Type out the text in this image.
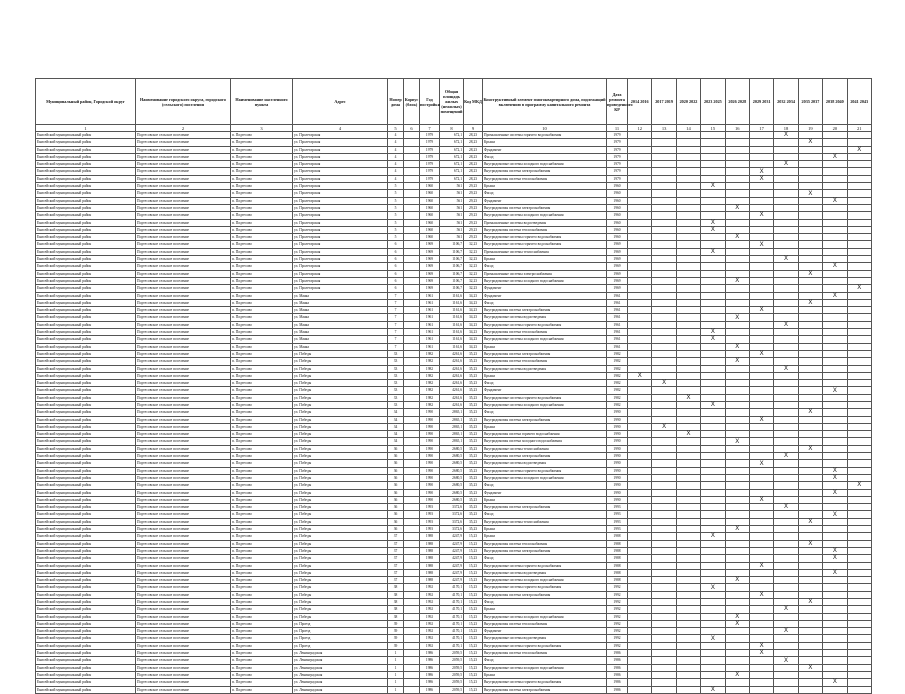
Муниципальный район, Городской округ	Наименование городского округа, городского (сельского) поселения	Наименование населенного пункта	Адрес	Номер дома	Корпус (блок)	Год постройки	Общая площадь жилых (нежилых) помещений	Код МКД	Конструктивный элемент многоквартирного дома, подлежащий включению в программу капитального ремонта	Дата ремонта проведенного КР	2014 2016	2017 2019	2020 2022	2023 2025	2026 2028	2029 2031	2032 2034	2035 2037	2038 2040	2041 2043
1	2	3	4	5	6	7	8	9	10	11	12	13	14	15	16	17	18	19	20	21
Енисейский муниципальный район	Подтесовское сельское поселение	п. Подтесово	ул. Пролетарская	4		1979	672,1	28,23	Промышленные системы горячего водоснабжения	1979							X			
Енисейский муниципальный район	Подтесовское сельское поселение	п. Подтесово	ул. Пролетарская	4		1979	672,1	28,23	Крыша	1979								X		
Енисейский муниципальный район	Подтесовское сельское поселение	п. Подтесово	ул. Пролетарская	4		1979	672,1	28,23	Фундамент	1979										X
Енисейский муниципальный район	Подтесовское сельское поселение	п. Подтесово	ул. Пролетарская	4		1979	672,1	28,23	Фасад	1979									X	
Енисейский муниципальный район	Подтесовское сельское поселение	п. Подтесово	ул. Пролетарская	4		1979	672,1	28,23	Внутридомовые системы холодного водоснабжения	1979							X			
Енисейский муниципальный район	Подтесовское сельское поселение	п. Подтесово	ул. Пролетарская	4		1979	672,1	28,23	Внутридомовая система электроснабжения	1979						X				
Енисейский муниципальный район	Подтесовское сельское поселение	п. Подтесово	ул. Пролетарская	4		1979	672,1	28,23	Внутридомовая система теплоснабжения	1979						X				
Енисейский муниципальный район	Подтесовское сельское поселение	п. Подтесово	ул. Пролетарская	5		1960	561	29,23	Крыша	1960				X						
Енисейский муниципальный район	Подтесовское сельское поселение	п. Подтесово	ул. Пролетарская	5		1960	561	29,23	Фасад	1960								X		
Енисейский муниципальный район	Подтесовское сельское поселение	п. Подтесово	ул. Пролетарская	5		1960	561	29,23	Фундамент	1960									X	
Енисейский муниципальный район	Подтесовское сельское поселение	п. Подтесово	ул. Пролетарская	5		1960	561	29,23	Внутридомовая система электроснабжения	1960					X					
Енисейский муниципальный район	Подтесовское сельское поселение	п. Подтесово	ул. Пролетарская	5		1960	561	29,23	Внутридомовые системы холодного водоснабжения	1960						X				
Енисейский муниципальный район	Подтесовское сельское поселение	п. Подтесово	ул. Пролетарская	5		1960	561	29,23	Промышленные системы водоотведения	1960				X						
Енисейский муниципальный район	Подтесовское сельское поселение	п. Подтесово	ул. Пролетарская	5		1960	561	29,23	Внутридомовая система теплоснабжения	1960				X						
Енисейский муниципальный район	Подтесовское сельское поселение	п. Подтесово	ул. Пролетарская	5		1960	561	29,23	Внутридомовые системы горячего водоснабжения	1960					X					
Енисейский муниципальный район	Подтесовское сельское поселение	п. Подтесово	ул. Пролетарская	6		1969	1106,7	32,23	Внутридомовые системы горячего водоснабжения	1969						X				
Енисейский муниципальный район	Подтесовское сельское поселение	п. Подтесово	ул. Пролетарская	6		1969	1106,7	32,23	Промышленные системы теплоснабжения	1969				X						
Енисейский муниципальный район	Подтесовское сельское поселение	п. Подтесово	ул. Пролетарская	6		1969	1106,7	32,23	Крыша	1969							X			
Енисейский муниципальный район	Подтесовское сельское поселение	п. Подтесово	ул. Пролетарская	6		1969	1106,7	32,23	Фасад	1969									X	
Енисейский муниципальный район	Подтесовское сельское поселение	п. Подтесово	ул. Пролетарская	6		1969	1106,7	32,23	Промышленные системы электроснабжения	1969								X		
Енисейский муниципальный район	Подтесовское сельское поселение	п. Подтесово	ул. Пролетарская	6		1969	1106,7	32,23	Внутридомовые системы холодного водоснабжения	1969					X					
Енисейский муниципальный район	Подтесовское сельское поселение	п. Подтесово	ул. Пролетарская	6		1969	1106,7	32,23	Фундамент	1969										X
Енисейский муниципальный район	Подтесовское сельское поселение	п. Подтесово	ул. Маяка	7		1961	1161,6	34,23	Фундамент	1961									X	
Енисейский муниципальный район	Подтесовское сельское поселение	п. Подтесово	ул. Маяка	7		1961	1161,6	34,23	Фасад	1961								X		
Енисейский муниципальный район	Подтесовское сельское поселение	п. Подтесово	ул. Маяка	7		1961	1161,6	34,23	Внутридомовая система электроснабжения	1961						X				
Енисейский муниципальный район	Подтесовское сельское поселение	п. Подтесово	ул. Маяка	7		1961	1161,6	34,23	Внутридомовые системы водоотведения	1961					X					
Енисейский муниципальный район	Подтесовское сельское поселение	п. Подтесово	ул. Маяка	7		1961	1161,6	34,23	Внутридомовые системы горячего водоснабжения	1961							X			
Енисейский муниципальный район	Подтесовское сельское поселение	п. Подтесово	ул. Маяка	7		1961	1161,6	34,23	Внутридомовая система теплоснабжения	1961				X						
Енисейский муниципальный район	Подтесовское сельское поселение	п. Подтесово	ул. Маяка	7		1961	1161,6	34,23	Внутридомовые системы холодного водоснабжения	1961				X						
Енисейский муниципальный район	Подтесовское сельское поселение	п. Подтесово	ул. Маяка	7		1961	1161,6	34,23	Крыша	1961					X					
Енисейский муниципальный район	Подтесовское сельское поселение	п. Подтесово	ул. Победы	33		1982	4261,6	35,23	Внутридомовая система электроснабжения	1982						X				
Енисейский муниципальный район	Подтесовское сельское поселение	п. Подтесово	ул. Победы	33		1982	4261,6	35,23	Внутридомовая система теплоснабжения	1982					X					
Енисейский муниципальный район	Подтесовское сельское поселение	п. Подтесово	ул. Победы	33		1982	4261,6	35,23	Внутридомовые системы водоотведения	1982							X			
Енисейский муниципальный район	Подтесовское сельское поселение	п. Подтесово	ул. Победы	33		1982	4261,6	35,23	Крыша	1982	X									
Енисейский муниципальный район	Подтесовское сельское поселение	п. Подтесово	ул. Победы	33		1982	4261,6	35,23	Фасад	1982		X								
Енисейский муниципальный район	Подтесовское сельское поселение	п. Подтесово	ул. Победы	33		1982	4261,6	35,23	Фундамент	1982									X	
Енисейский муниципальный район	Подтесовское сельское поселение	п. Подтесово	ул. Победы	33		1982	4261,6	35,23	Внутридомовые системы горячего водоснабжения	1982			X							
Енисейский муниципальный район	Подтесовское сельское поселение	п. Подтесово	ул. Победы	33		1982	4261,6	35,23	Внутридомовые системы холодного водоснабжения	1982				X						
Енисейский муниципальный район	Подтесовское сельское поселение	п. Подтесово	ул. Победы	34		1990	2865,1	35,23	Фасад	1990								X		
Енисейский муниципальный район	Подтесовское сельское поселение	п. Подтесово	ул. Победы	34		1990	2865,1	35,23	Внутридомовая система электроснабжения	1990						X				
Енисейский муниципальный район	Подтесовское сельское поселение	п. Подтесово	ул. Победы	34		1990	2865,1	35,23	Крыша	1990		X								
Енисейский муниципальный район	Подтесовское сельское поселение	п. Подтесово	ул. Победы	34		1990	2865,1	35,23	Внутридомовая система горячего водоснабжения	1990			X							
Енисейский муниципальный район	Подтесовское сельское поселение	п. Подтесово	ул. Победы	34		1990	2865,1	35,23	Внутридомовая система холодного водоснабжения	1990					X					
Енисейский муниципальный район	Подтесовское сельское поселение	п. Подтесово	ул. Победы	36		1990	2680,5	35,23	Внутридомовые системы теплоснабжения	1990								X		
Енисейский муниципальный район	Подтесовское сельское поселение	п. Подтесово	ул. Победы	36		1990	2680,5	35,23	Внутридомовая система электроснабжения	1990							X			
Енисейский муниципальный район	Подтесовское сельское поселение	п. Подтесово	ул. Победы	36		1990	2680,5	35,23	Внутридомовые системы водоотведения	1990						X				
Енисейский муниципальный район	Подтесовское сельское поселение	п. Подтесово	ул. Победы	36		1990	2680,5	35,23	Внутридомовые системы горячего водоснабжения	1990									X	
Енисейский муниципальный район	Подтесовское сельское поселение	п. Подтесово	ул. Победы	36		1990	2680,5	35,23	Внутридомовые системы холодного водоснабжения	1990									X	
Енисейский муниципальный район	Подтесовское сельское поселение	п. Подтесово	ул. Победы	36		1990	2680,5	35,23	Фасад	1990										X
Енисейский муниципальный район	Подтесовское сельское поселение	п. Подтесово	ул. Победы	36		1990	2680,5	35,23	Фундамент	1990									X	
Енисейский муниципальный район	Подтесовское сельское поселение	п. Подтесово	ул. Победы	36		1990	2680,5	35,23	Крыша	1990						X				
Енисейский муниципальный район	Подтесовское сельское поселение	п. Подтесово	ул. Победы	36		1993	3372,6	35,23	Внутридомовая система электроснабжения	1993							X			
Енисейский муниципальный район	Подтесовское сельское поселение	п. Подтесово	ул. Победы	36		1993	3372,6	35,23	Фасад	1993									X	
Енисейский муниципальный район	Подтесовское сельское поселение	п. Подтесово	ул. Победы	36		1993	3372,6	35,23	Внутридомовые системы теплоснабжения	1993								X		
Енисейский муниципальный район	Подтесовское сельское поселение	п. Подтесово	ул. Победы	36		1993	3372,6	35,23	Крыша	1993					X					
Енисейский муниципальный район	Подтесовское сельское поселение	п. Подтесово	ул. Победы	37		1988	4247,9	15,23	Крыша	1988				X						
Енисейский муниципальный район	Подтесовское сельское поселение	п. Подтесово	ул. Победы	37		1988	4247,9	15,23	Внутридомовая система теплоснабжения	1988								X		
Енисейский муниципальный район	Подтесовское сельское поселение	п. Подтесово	ул. Победы	37		1988	4247,9	15,23	Внутридомовая система электроснабжения	1988									X	
Енисейский муниципальный район	Подтесовское сельское поселение	п. Подтесово	ул. Победы	37		1988	4247,9	15,23	Фасад	1988									X	
Енисейский муниципальный район	Подтесовское сельское поселение	п. Подтесово	ул. Победы	37		1988	4247,9	15,23	Внутридомовые системы горячего водоснабжения	1988						X				
Енисейский муниципальный район	Подтесовское сельское поселение	п. Подтесово	ул. Победы	37		1988	4247,9	15,23	Внутридомовые системы водоотведения	1988									X	
Енисейский муниципальный район	Подтесовское сельское поселение	п. Подтесово	ул. Победы	37		1988	4247,9	15,23	Внутридомовые системы холодного водоснабжения	1988					X					
Енисейский муниципальный район	Подтесовское сельское поселение	п. Подтесово	ул. Победы	38		1992	4170,1	15,23	Внутридомовые системы горячего водоснабжения	1992				X						
Енисейский муниципальный район	Подтесовское сельское поселение	п. Подтесово	ул. Победы	38		1992	4170,1	15,23	Внутридомовая система электроснабжения	1992						X				
Енисейский муниципальный район	Подтесовское сельское поселение	п. Подтесово	ул. Победы	38		1992	4170,1	15,23	Фасад	1992								X		
Енисейский муниципальный район	Подтесовское сельское поселение	п. Подтесово	ул. Победы	38		1992	4170,1	15,23	Крыша	1992							X			
Енисейский муниципальный район	Подтесовское сельское поселение	п. Подтесово	ул. Победы	38		1992	4170,1	15,23	Внутридомовые системы холодного водоснабжения	1992					X					
Енисейский муниципальный район	Подтесовское сельское поселение	п. Подтесово	ул. Проезд	39		1992	4170,1	15,23	Внутридомовая система теплоснабжения	1992					X					
Енисейский муниципальный район	Подтесовское сельское поселение	п. Подтесово	ул. Проезд	39		1992	4170,1	15,23	Фундамент	1992							X			
Енисейский муниципальный район	Подтесовское сельское поселение	п. Подтесово	ул. Проезд	39		1992	4170,1	15,23	Внутридомовые системы водоотведения	1992				X						
Енисейский муниципальный район	Подтесовское сельское поселение	п. Подтесово	ул. Проезд	39		1992	4170,1	15,23	Внутридомовые системы горячего водоснабжения	1992						X				
Енисейский муниципальный район	Подтесовское сельское поселение	п. Подтесово	ул. Ленинградская	1		1986	2059,5	15,23	Внутридомовая система теплоснабжения	1986						X				
Енисейский муниципальный район	Подтесовское сельское поселение	п. Подтесово	ул. Ленинградская	1		1986	2059,5	15,23	Фасад	1986							X			
Енисейский муниципальный район	Подтесовское сельское поселение	п. Подтесово	ул. Ленинградская	1		1986	2059,5	15,23	Внутридомовые системы холодного водоснабжения	1986								X		
Енисейский муниципальный район	Подтесовское сельское поселение	п. Подтесово	ул. Ленинградская	1		1986	2059,5	15,23	Крыша	1986					X					
Енисейский муниципальный район	Подтесовское сельское поселение	п. Подтесово	ул. Ленинградская	1		1986	2059,5	15,23	Внутридомовые системы горячего водоснабжения	1986									X	
Енисейский муниципальный район	Подтесовское сельское поселение	п. Подтесово	ул. Ленинградская	1		1986	2059,5	15,23	Внутридомовая система электроснабжения	1986				X						
